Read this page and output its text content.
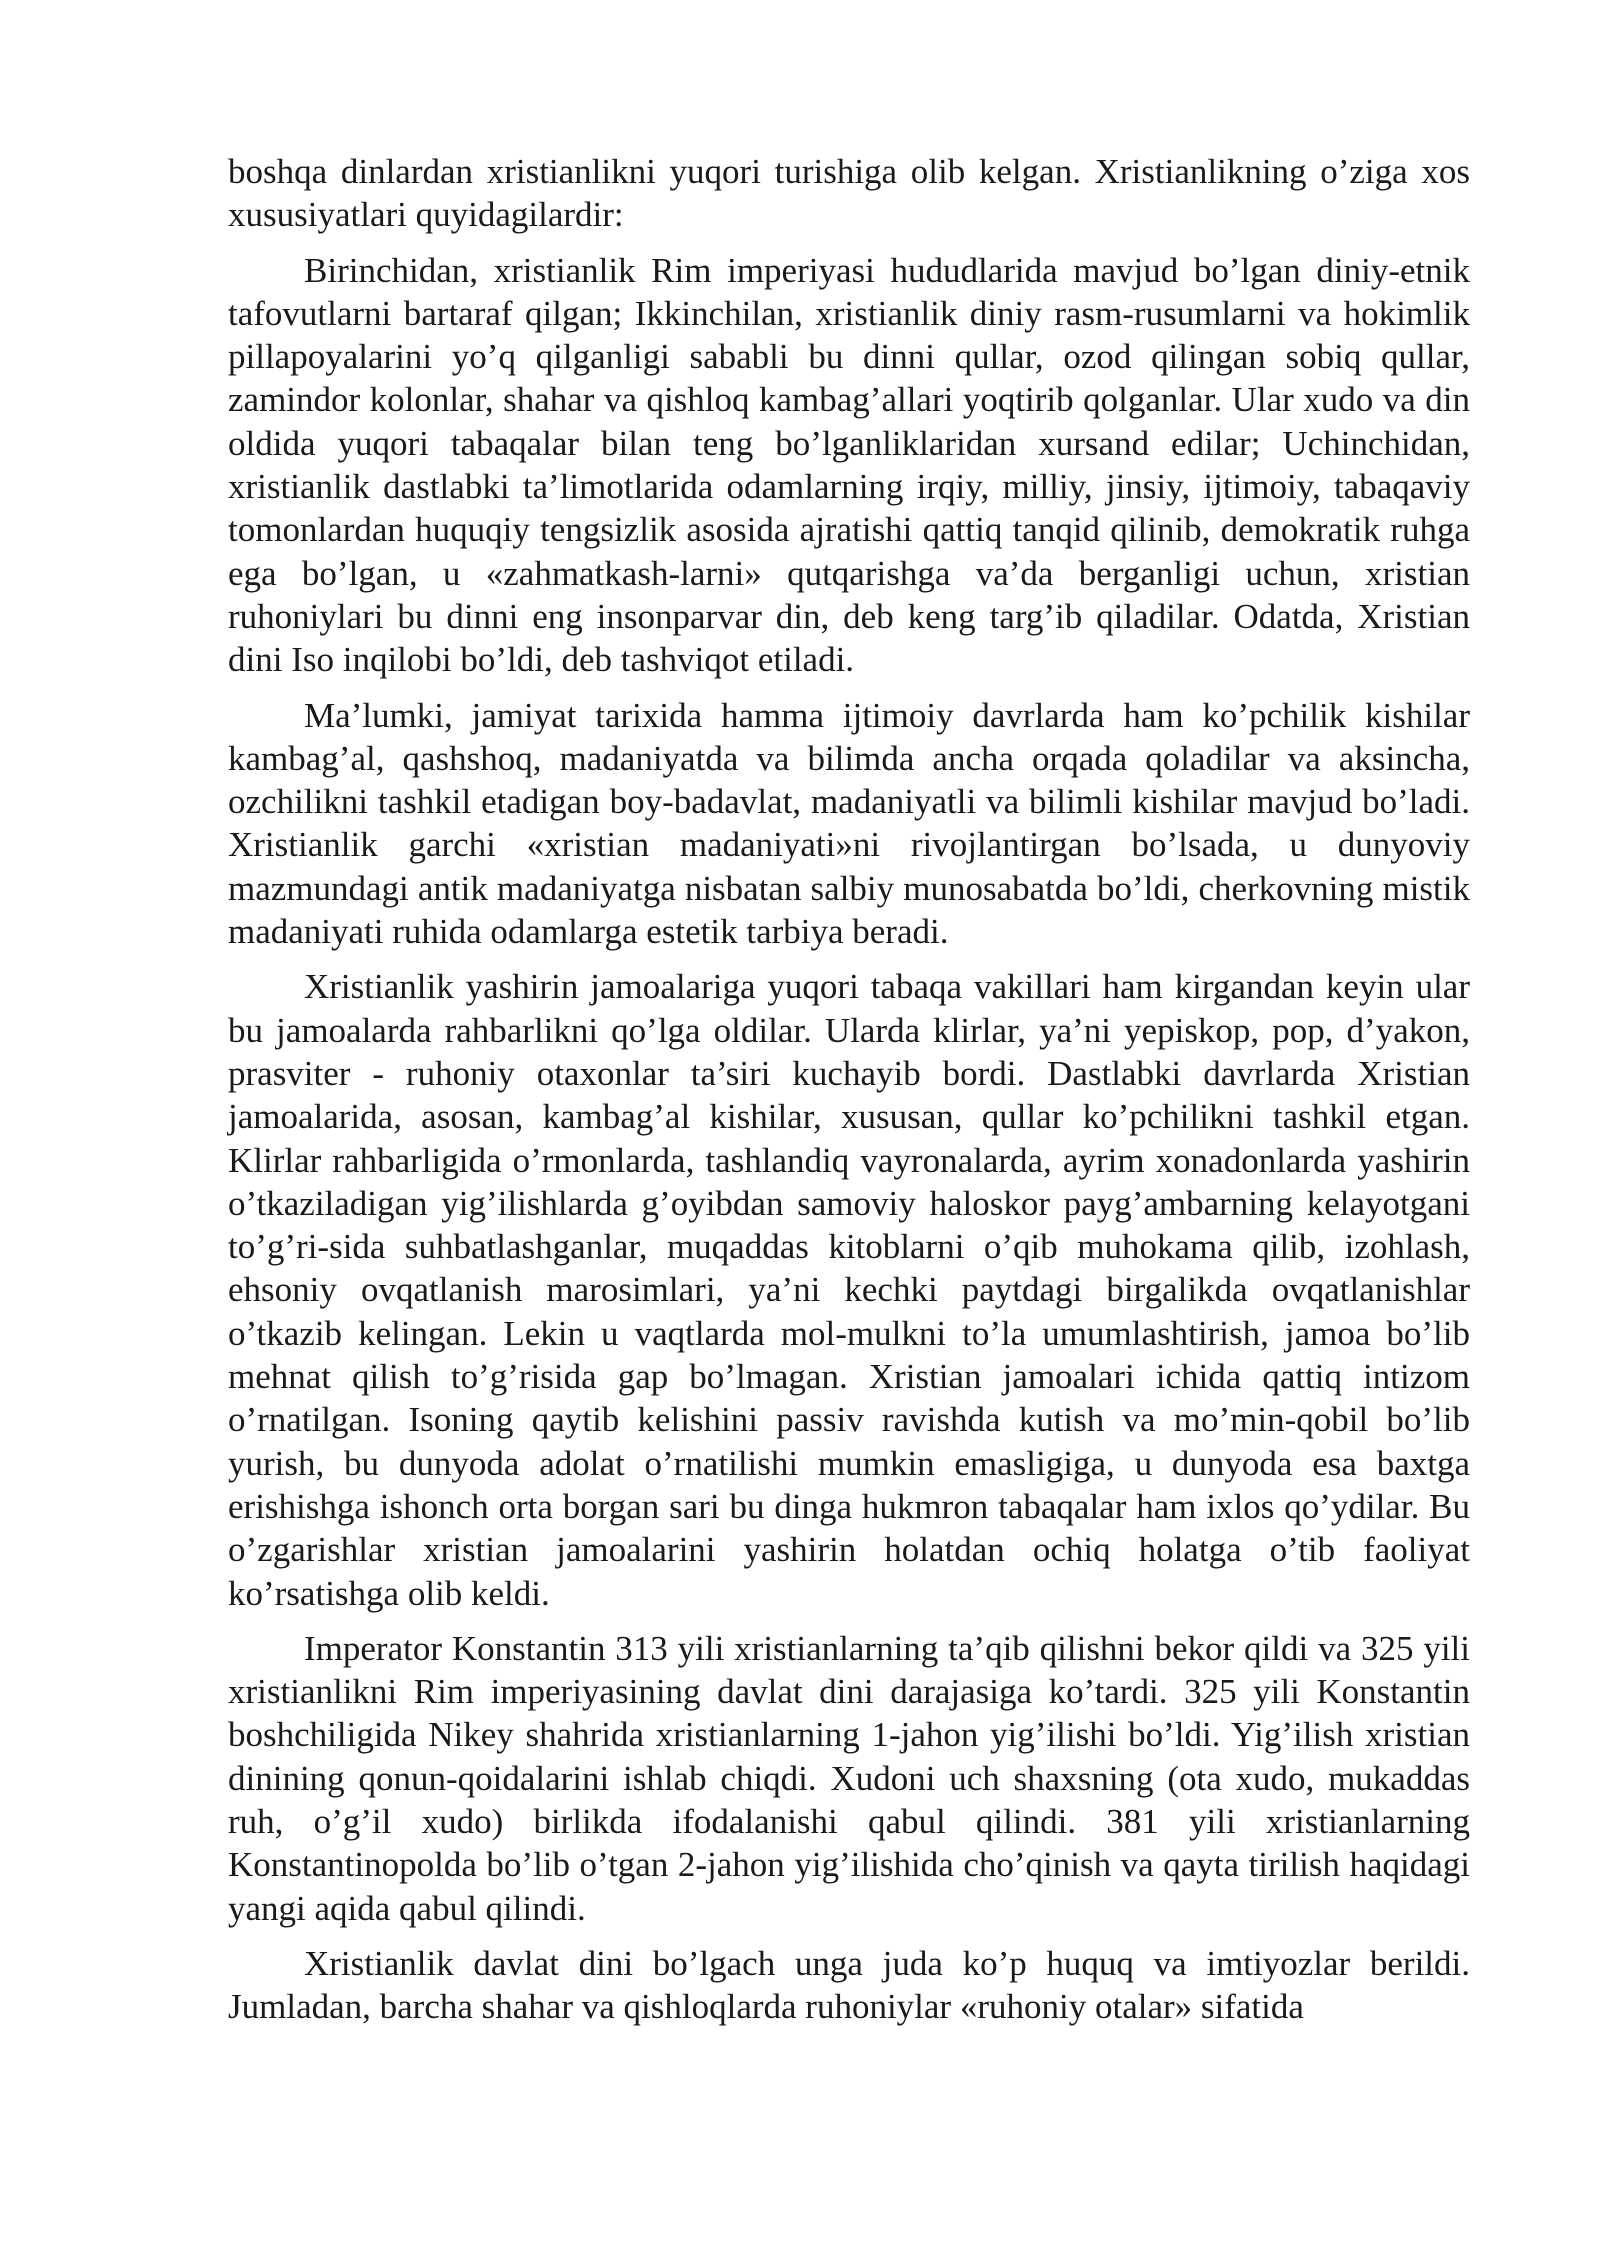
boshqa dinlardan xristianlikni yuqori turishiga olib kelgan. Xristianlikning o’ziga xos xususiyatlari quyidagilardir:

Birinchidan, xristianlik Rim imperiyasi hududlarida mavjud bo’lgan diniy-etnik tafovutlarni bartaraf qilgan; Ikkinchilan, xristianlik diniy rasm-rusumlarni va hokimlik pillapoyalarini yo’q qilganligi sababli bu dinni qullar, ozod qilingan sobiq qullar, zamindor kolonlar, shahar va qishloq kambag’allari yoqtirib qolganlar. Ular xudo va din oldida yuqori tabaqalar bilan teng bo’lganliklaridan xursand edilar; Uchinchidan, xristianlik dastlabki ta’limotlarida odamlarning irqiy, milliy, jinsiy, ijtimoiy, tabaqaviy tomonlardan huquqiy tengsizlik asosida ajratishi qattiq tanqid qilinib, demokratik ruhga ega bo’lgan, u «zahmatkash-larni» qutqarishga va’da berganligi uchun, xristian ruhoniylari bu dinni eng insonparvar din, deb keng targ’ib qiladilar. Odatda, Xristian dini Iso inqilobi bo’ldi, deb tashviqot etiladi.

Ma’lumki, jamiyat tarixida hamma ijtimoiy davrlarda ham ko’pchilik kishilar kambag’al, qashshoq, madaniyatda va bilimda ancha orqada qoladilar va aksincha, ozchilikni tashkil etadigan boy-badavlat, madaniyatli va bilimli kishilar mavjud bo’ladi. Xristianlik garchi «xristian madaniyati»ni rivojlantirgan bo’lsada, u dunyoviy mazmundagi antik madaniyatga nisbatan salbiy munosabatda bo’ldi, cherkovning mistik madaniyati ruhida odamlarga estetik tarbiya beradi.

Xristianlik yashirin jamoalariga yuqori tabaqa vakillari ham kirgandan keyin ular bu jamoalarda rahbarlikni qo’lga oldilar. Ularda klirlar, ya’ni yepiskop, pop, d’yakon, prasviter - ruhoniy otaxonlar ta’siri kuchayib bordi. Dastlabki davrlarda Xristian jamoalarida, asosan, kambag’al kishilar, xususan, qullar ko’pchilikni tashkil etgan. Klirlar rahbarligida o’rmonlarda, tashlandiq vayronalarda, ayrim xonadonlarda yashirin o’tkaziladigan yig’ilishlarda g’oyibdan samoviy haloskor payg’ambarning kelayotgani to’g’ri-sida suhbatlashganlar, muqaddas kitoblarni o’qib muhokama qilib, izohlash, ehsoniy ovqatlanish marosimlari, ya’ni kechki paytdagi birgalikda ovqatlanishlar o’tkazib kelingan. Lekin u vaqtlarda mol-mulkni to’la umumlashtirish, jamoa bo’lib mehnat qilish to’g’risida gap bo’lmagan. Xristian jamoalari ichida qattiq intizom o’rnatilgan. Isoning qaytib kelishini passiv ravishda kutish va mo’min-qobil bo’lib yurish, bu dunyoda adolat o’rnatilishi mumkin emasligiga, u dunyoda esa baxtga erishishga ishonch orta borgan sari bu dinga hukmron tabaqalar ham ixlos qo’ydilar. Bu o’zgarishlar xristian jamoalarini yashirin holatdan ochiq holatga o’tib faoliyat ko’rsatishga olib keldi.

Imperator Konstantin 313 yili xristianlarning ta’qib qilishni bekor qildi va 325 yili xristianlikni Rim imperiyasining davlat dini darajasiga ko’tardi. 325 yili Konstantin boshchiligida Nikey shahrida xristianlarning 1-jahon yig’ilishi bo’ldi. Yig’ilish xristian dinining qonun-qoidalarini ishlab chiqdi. Xudoni uch shaxsning (ota xudo, mukaddas ruh, o’g’il xudo) birlikda ifodalanishi qabul qilindi. 381 yili xristianlarning Konstantinopolda bo’lib o’tgan 2-jahon yig’ilishida cho’qinish va qayta tirilish haqidagi yangi aqida qabul qilindi.

Xristianlik davlat dini bo’lgach unga juda ko’p huquq va imtiyozlar berildi. Jumladan, barcha shahar va qishloqlarda ruhoniylar «ruhoniy otalar» sifatida
